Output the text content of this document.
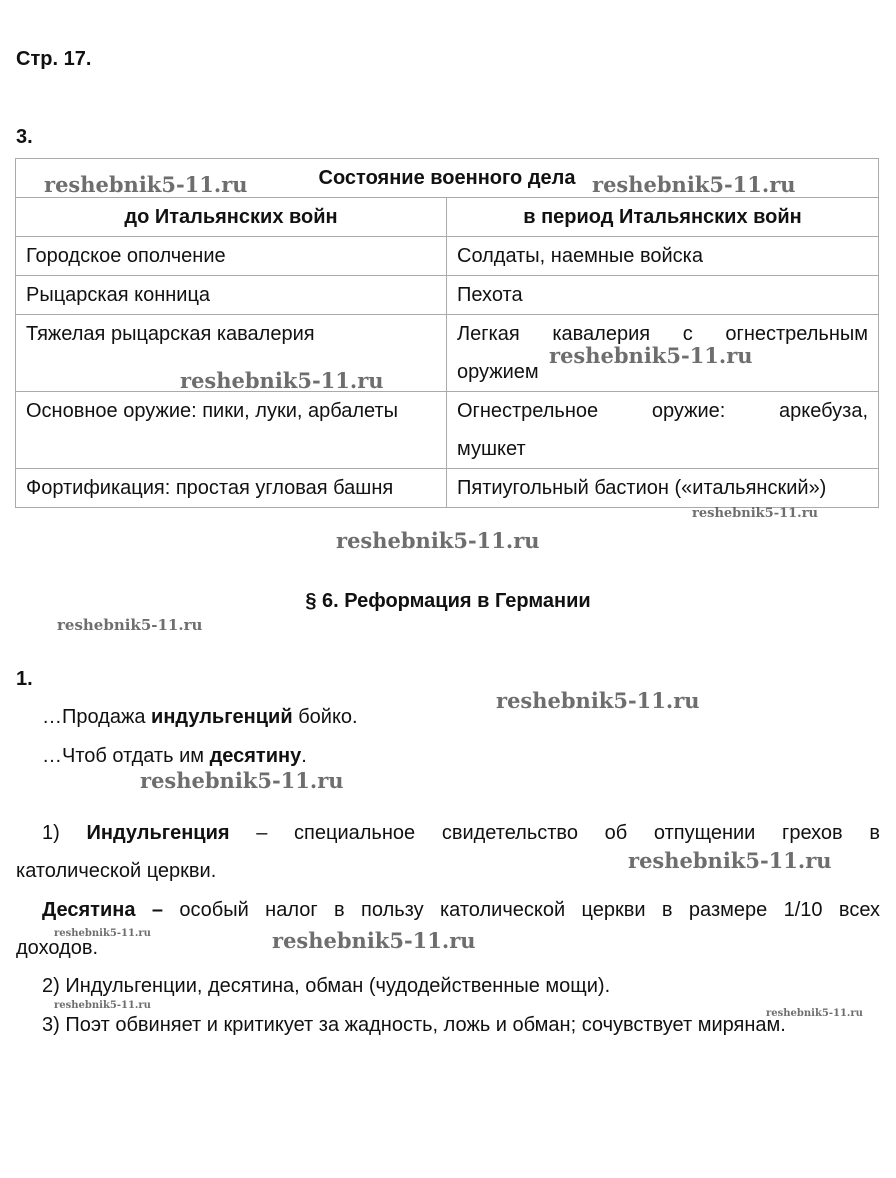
Стр. 17.
3.
Состояние военного дела	
до Итальянских войн	в период Итальянских войн
Городское ополчение	Солдаты, наемные войска
Рыцарская конница	Пехота
Тяжелая рыцарская кавалерия	Легкая кавалерия с огнестрельным
оружием

Основное оружие: пики, луки, арбалеты	Огнестрельное оружие: аркебуза,
мушкет

Фортификация: простая угловая башня	Пятиугольный бастион («итальянский»)
§ 6. Реформация в Германии
1.
…Продажа индульгенций бойко.
…Чтоб отдать им десятину.
1) Индульгенция – специальное свидетельство об отпущении грехов в
католической церкви.
Десятина – особый налог в пользу католической церкви в размере 1/10 всех
доходов.
2) Индульгенции, десятина, обман (чудодейственные мощи).
3) Поэт обвиняет и критикует за жадность, ложь и обман; сочувствует мирянам.
reshebnik5-11.ru	reshebnik5-11.ru
reshebnik5-11.ru
reshebnik5-11.ru
reshebnik5-11.ru
reshebnik5-11.ru
reshebnik5-11.ru
reshebnik5-11.ru
reshebnik5-11.ru
reshebnik5-11.ru
reshebnik5-11.ru	reshebnik5-11.ru
reshebnik5-11.ru
reshebnik5-11.ru
